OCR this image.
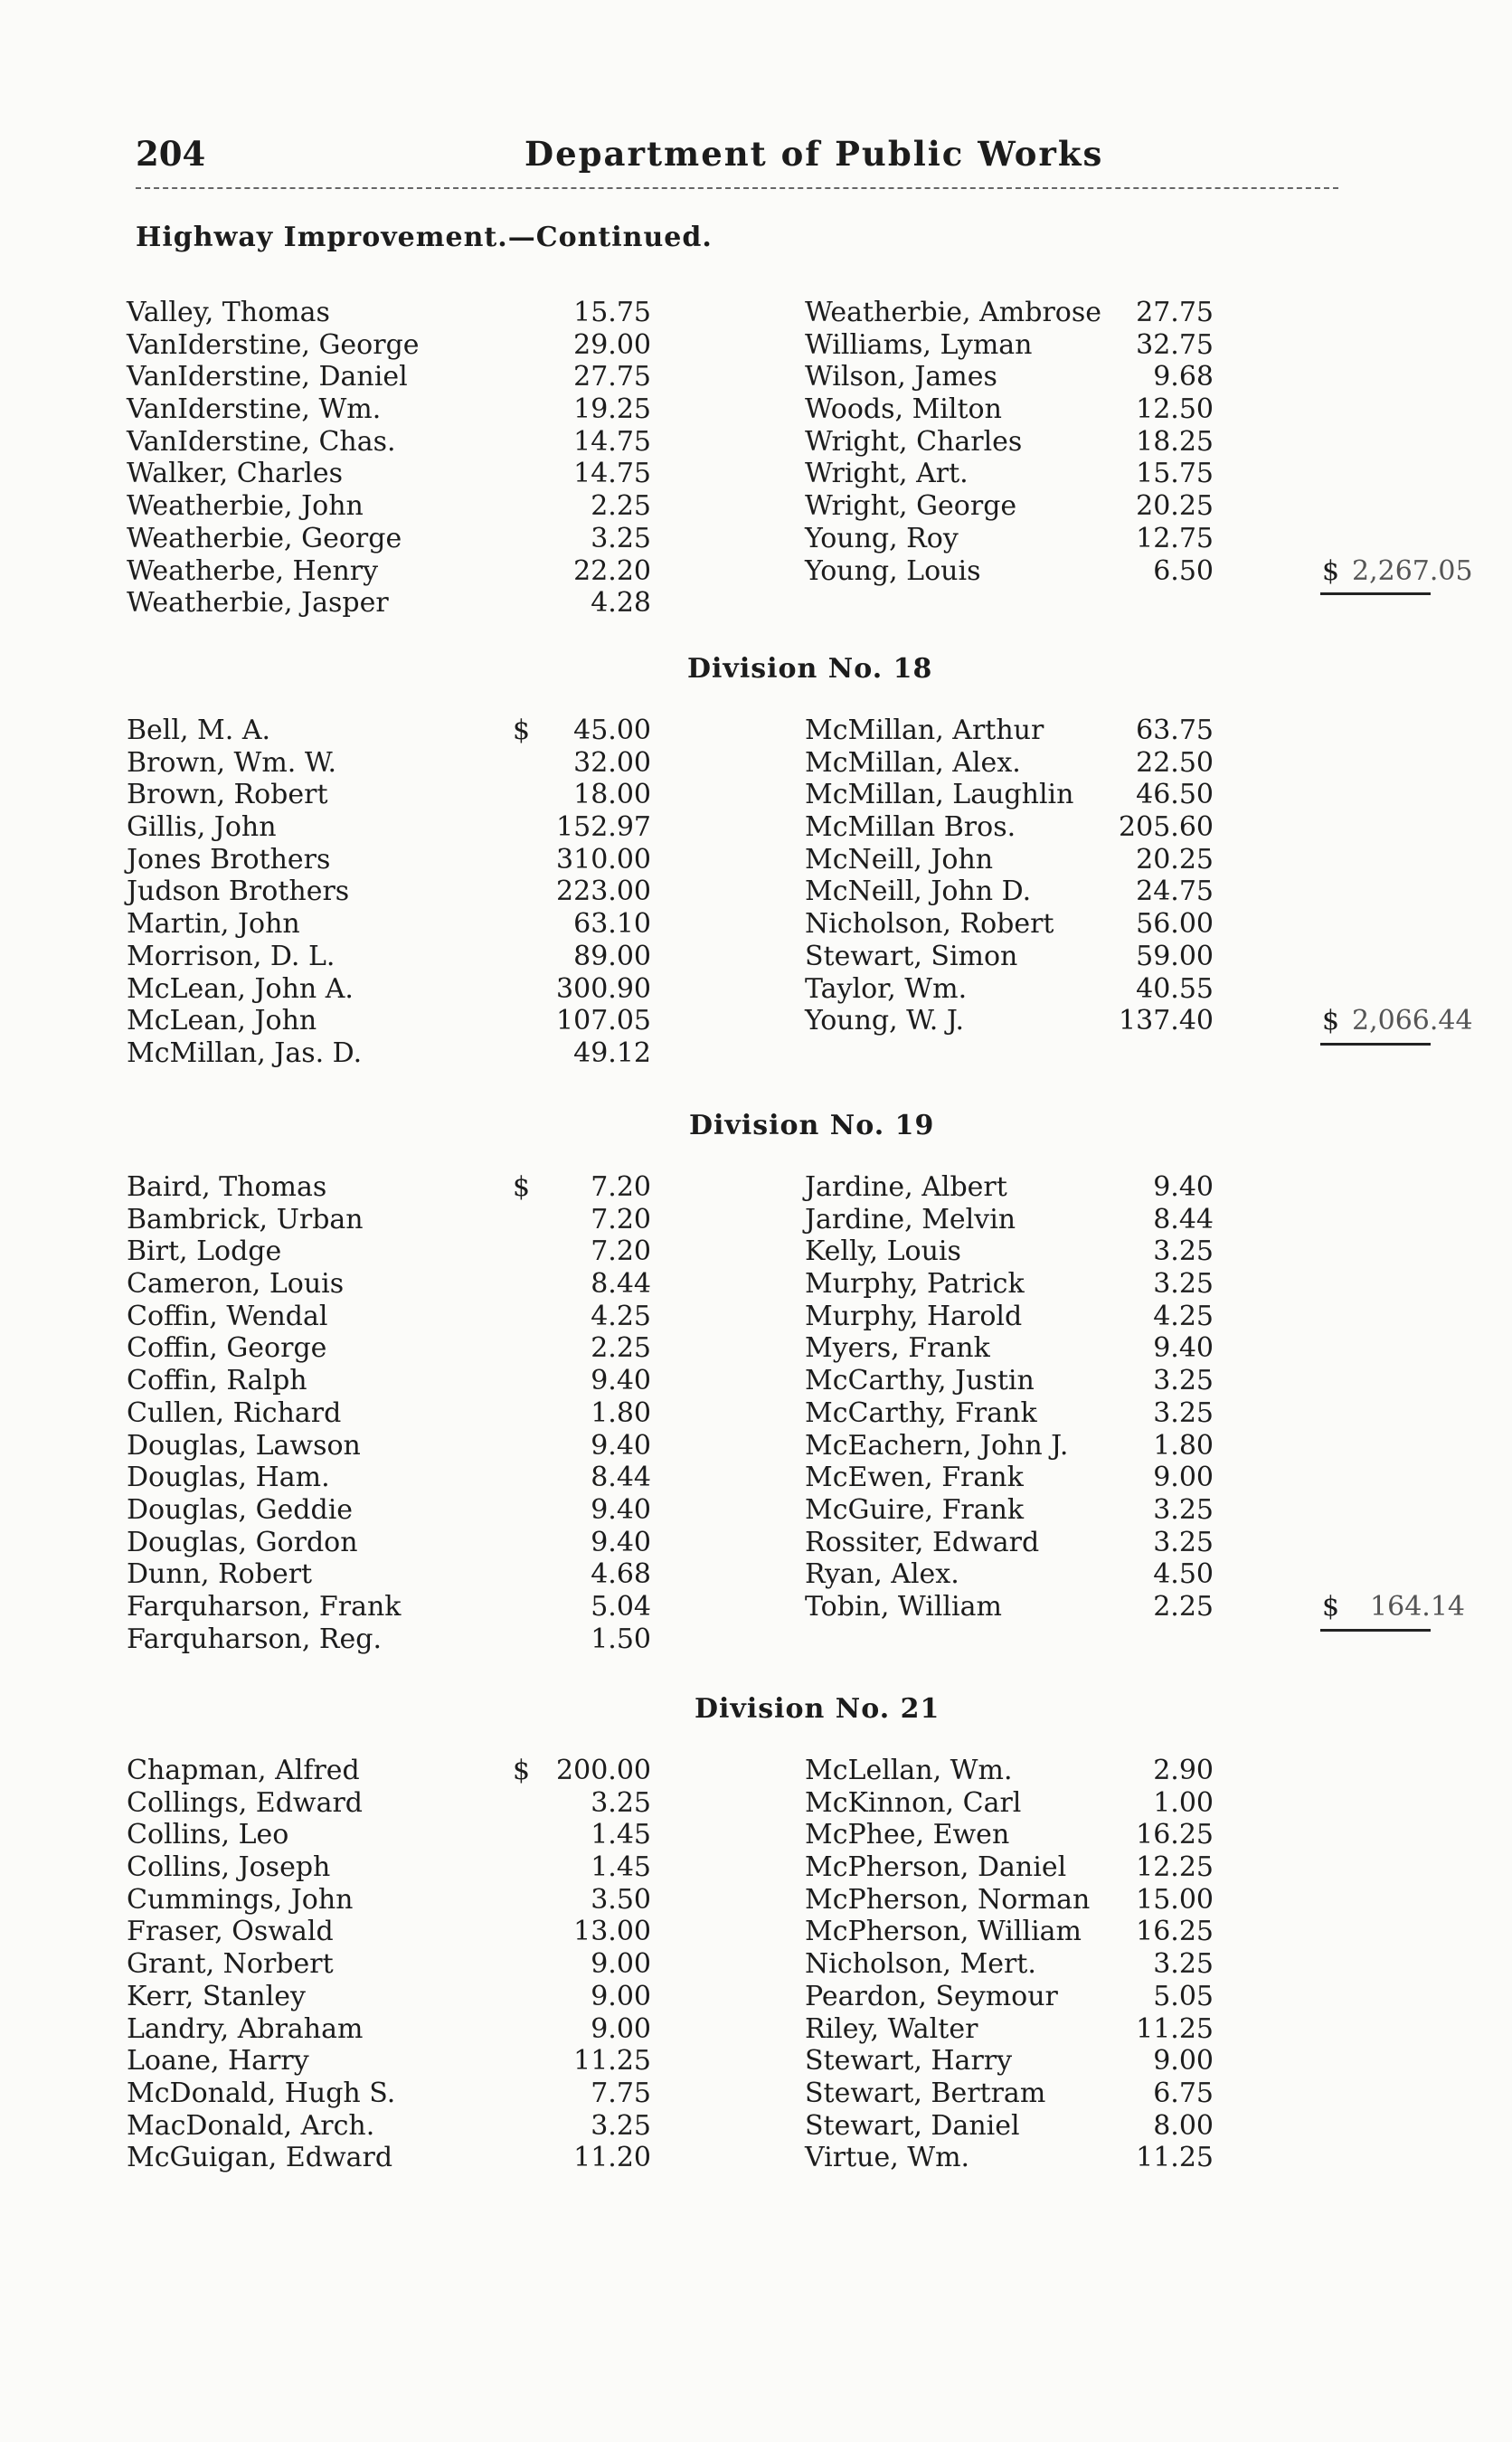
204	Department of Public Works
Highway Improvement.—Continued.
Valley, Thomas	15.75
VanIderstine, George	29.00
VanIderstine, Daniel	27.75
VanIderstine, Wm.	19.25
VanIderstine, Chas.	14.75
Walker, Charles	14.75
Weatherbie, John	2.25
Weatherbie, George	3.25
Weatherbe, Henry	22.20
Weatherbie, Jasper	4.28
Weatherbie, Ambrose	27.75
Williams, Lyman	32.75
Wilson, James	9.68
Woods, Milton	12.50
Wright, Charles	18.25
Wright, Art.	15.75
Wright, George	20.25
Young, Roy	12.75
Young, Louis	6.50	$ 2,267.05
Division No. 18
Bell, M. A.	$	45.00
Brown, Wm. W.	32.00
Brown, Robert	18.00
Gillis, John	152.97
Jones Brothers	310.00
Judson Brothers	223.00
Martin, John	63.10
Morrison, D. L.	89.00
McLean, John A.	300.90
McLean, John	107.05
McMillan, Jas. D.	49.12
McMillan, Arthur	63.75
McMillan, Alex.	22.50
McMillan, Laughlin	46.50
McMillan Bros.	205.60
McNeill, John	20.25
McNeill, John D.	24.75
Nicholson, Robert	56.00
Stewart, Simon	59.00
Taylor, Wm.	40.55
Young, W. J.	137.40	$ 2,066.44
Division No. 19
Baird, Thomas	$	7.20
Bambrick, Urban	7.20
Birt, Lodge	7.20
Cameron, Louis	8.44
Coffin, Wendal	4.25
Coffin, George	2.25
Coffin, Ralph	9.40
Cullen, Richard	1.80
Douglas, Lawson	9.40
Douglas, Ham.	8.44
Douglas, Geddie	9.40
Douglas, Gordon	9.40
Dunn, Robert	4.68
Farquharson, Frank	5.04
Farquharson, Reg.	1.50
Jardine, Albert	9.40
Jardine, Melvin	8.44
Kelly, Louis	3.25
Murphy, Patrick	3.25
Murphy, Harold	4.25
Myers, Frank	9.40
McCarthy, Justin	3.25
McCarthy, Frank	3.25
McEachern, John J.	1.80
McEwen, Frank	9.00
McGuire, Frank	3.25
Rossiter, Edward	3.25
Ryan, Alex.	4.50
Tobin, William	2.25	$	164.14
Division No. 21
Chapman, Alfred	$ 200.00
Collings, Edward	3.25
Collins, Leo	1.45
Collins, Joseph	1.45
Cummings, John	3.50
Fraser, Oswald	13.00
Grant, Norbert	9.00
Kerr, Stanley	9.00
Landry, Abraham	9.00
Loane, Harry	11.25
McDonald, Hugh S.	7.75
MacDonald, Arch.	3.25
McGuigan, Edward	11.20
McLellan, Wm.	2.90
McKinnon, Carl	1.00
McPhee, Ewen	16.25
McPherson, Daniel	12.25
McPherson, Norman	15.00
McPherson, William	16.25
Nicholson, Mert.	3.25
Peardon, Seymour	5.05
Riley, Walter	11.25
Stewart, Harry	9.00
Stewart, Bertram	6.75
Stewart, Daniel	8.00
Virtue, Wm.	11.25
